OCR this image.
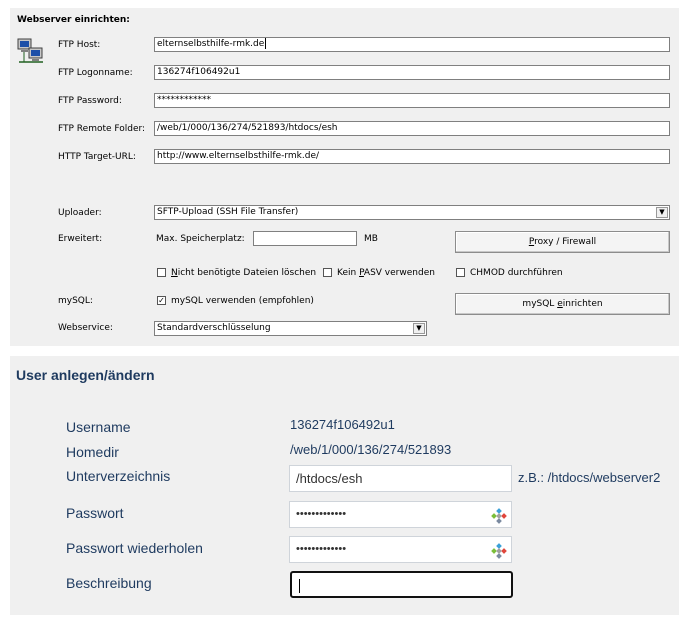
Webserver einrichten:
FTP Host:	elternselbsthilfe-rmk.de
FTP Logonname:	136274f106492u1
FTP Password:	************
FTP Remote Folder:	/web/1/000/136/274/521893/htdocs/esh
HTTP Target-URL:	http://www.elternselbsthilfe-rmk.de/
Uploader:	SFTP-Upload (SSH File Transfer)	▼
Erweitert:	Max. Speicherplatz:	MB	Proxy / Firewall
Nicht benötigte Dateien löschen Kein PASV verwenden	CHMOD durchführen
mySQL:	✓ mySQL verwenden (empfohlen)	mySQL einrichten
Webservice:	Standardverschlüsselung	▼
User anlegen/ändern
Username	136274f106492u1
Homedir	/web/1/000/136/274/521893
Unterverzeichnis	/htdocs/esh	z.B.: /htdocs/webserver2
Passwort	•••••••••••••
Passwort wiederholen	•••••••••••••
Beschreibung
